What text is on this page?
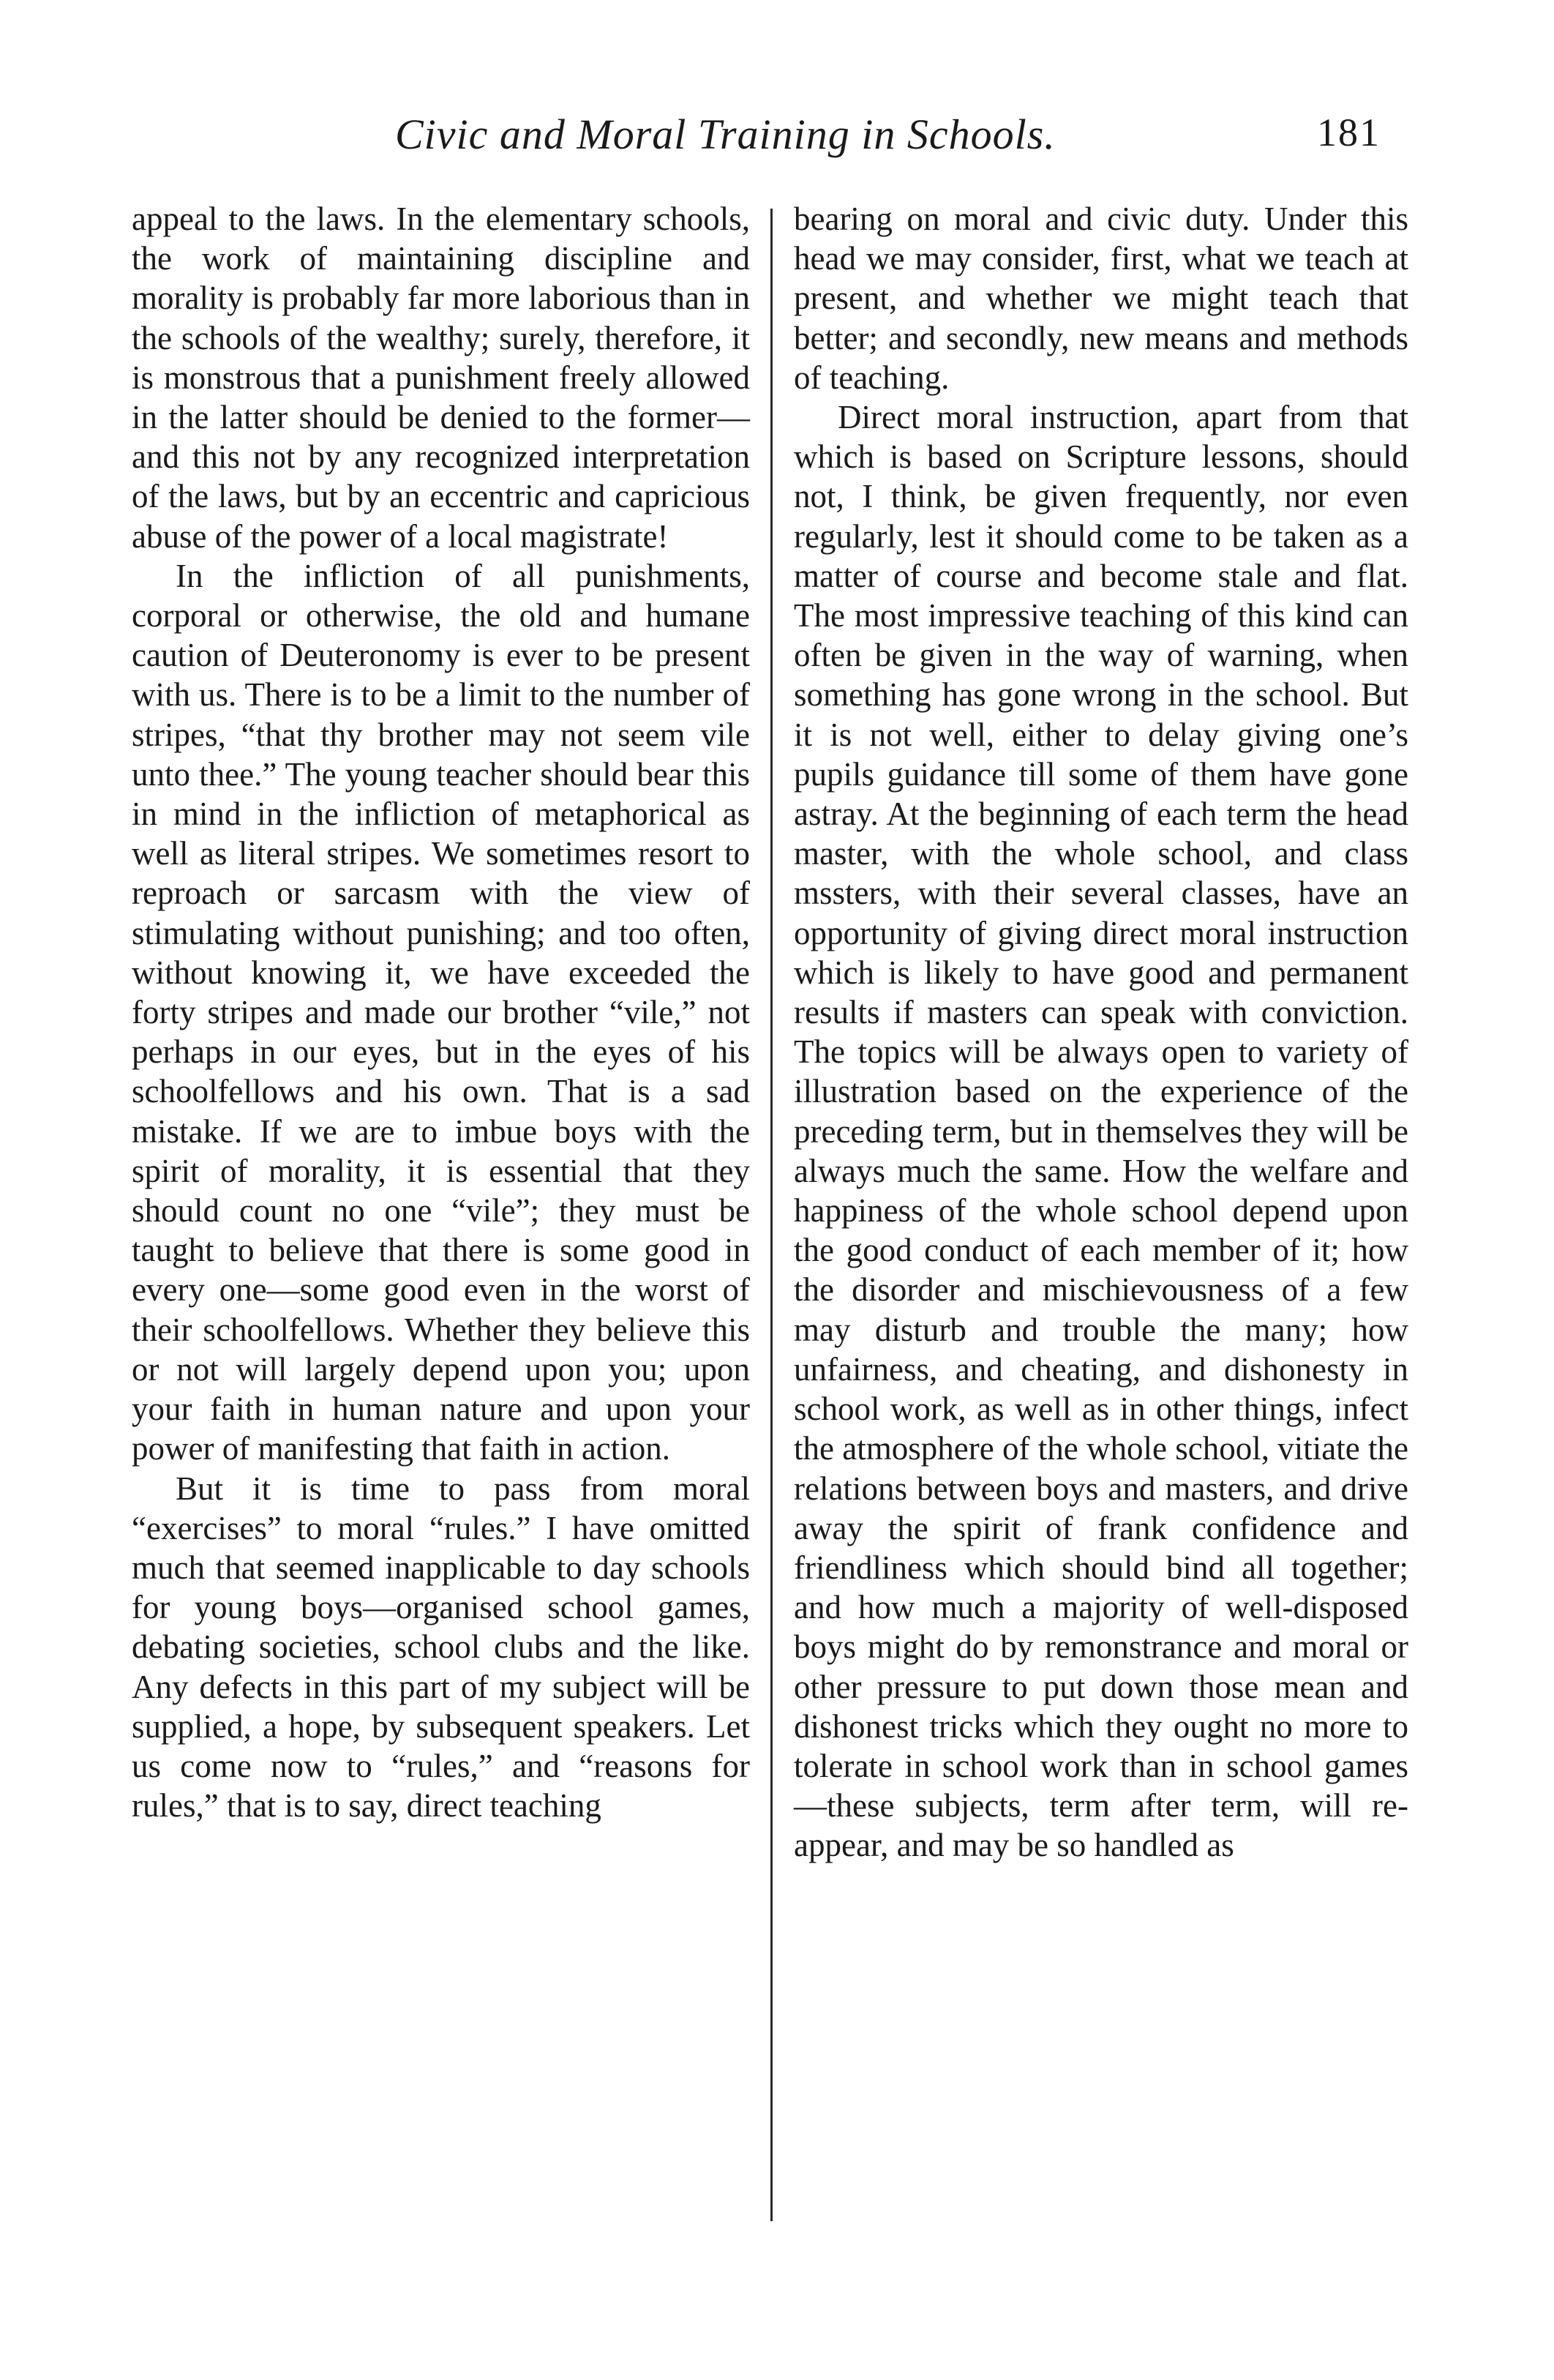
Civic and Moral Training in Schools.	181

appeal to the laws. In the elementary schools, the work of maintaining discipline and morality is probably far more laborious than in the schools of the wealthy; surely, therefore, it is monstrous that a punishment freely allowed in the latter should be denied to the former—and this not by any recognized interpretation of the laws, but by an eccentric and capricious abuse of the power of a local magistrate!

In the infliction of all punishments, corporal or otherwise, the old and humane caution of Deuteronomy is ever to be present with us. There is to be a limit to the number of stripes, “that thy brother may not seem vile unto thee.” The young teacher should bear this in mind in the infliction of metaphorical as well as literal stripes. We sometimes resort to reproach or sarcasm with the view of stimulating without punishing; and too often, without knowing it, we have exceeded the forty stripes and made our brother “vile,” not perhaps in our eyes, but in the eyes of his schoolfellows and his own. That is a sad mistake. If we are to imbue boys with the spirit of morality, it is essential that they should count no one “vile”; they must be taught to believe that there is some good in every one—some good even in the worst of their schoolfellows. Whether they believe this or not will largely depend upon you; upon your faith in human nature and upon your power of manifesting that faith in action.

But it is time to pass from moral “exercises” to moral “rules.” I have omitted much that seemed inapplicable to day schools for young boys—organised school games, debating societies, school clubs and the like. Any defects in this part of my subject will be supplied, a hope, by subsequent speakers. Let us come now to “rules,” and “reasons for rules,” that is to say, direct teaching

bearing on moral and civic duty. Under this head we may consider, first, what we teach at present, and whether we might teach that better; and secondly, new means and methods of teaching.

Direct moral instruction, apart from that which is based on Scripture lessons, should not, I think, be given frequently, nor even regularly, lest it should come to be taken as a matter of course and become stale and flat. The most impressive teaching of this kind can often be given in the way of warning, when something has gone wrong in the school. But it is not well, either to delay giving one’s pupils guidance till some of them have gone astray. At the beginning of each term the head master, with the whole school, and class mssters, with their several classes, have an opportunity of giving direct moral instruction which is likely to have good and permanent results if masters can speak with conviction. The topics will be always open to variety of illustration based on the experience of the preceding term, but in themselves they will be always much the same. How the welfare and happiness of the whole school depend upon the good conduct of each member of it; how the disorder and mischievousness of a few may disturb and trouble the many; how unfairness, and cheating, and dishonesty in school work, as well as in other things, infect the atmosphere of the whole school, vitiate the relations between boys and masters, and drive away the spirit of frank confidence and friendliness which should bind all together; and how much a majority of well-disposed boys might do by remonstrance and moral or other pressure to put down those mean and dishonest tricks which they ought no more to tolerate in school work than in school games—these subjects, term after term, will re-appear, and may be so handled as
